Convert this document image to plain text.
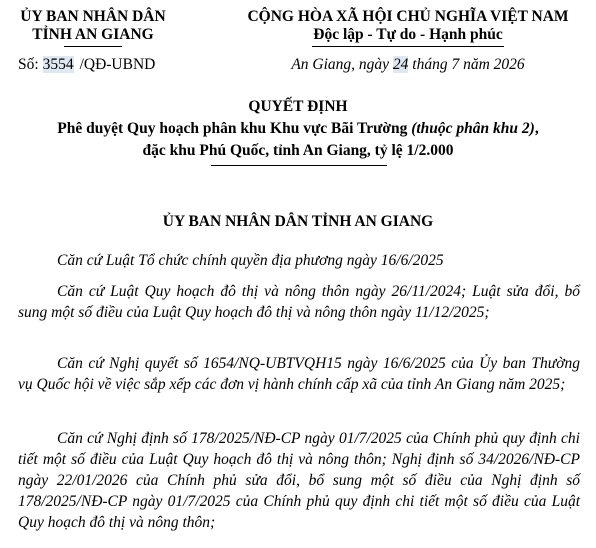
ỦY BAN NHÂN DÂN
TỈNH AN GIANG
Số: 3554 /QĐ-UBND
CỘNG HÒA XÃ HỘI CHỦ NGHĨA VIỆT NAM
Độc lập - Tự do - Hạnh phúc
An Giang, ngày 24 tháng 7 năm 2026
QUYẾT ĐỊNH
Phê duyệt Quy hoạch phân khu Khu vực Bãi Trường (thuộc phân khu 2),
đặc khu Phú Quốc, tỉnh An Giang, tỷ lệ 1/2.000
ỦY BAN NHÂN DÂN TỈNH AN GIANG
Căn cứ Luật Tổ chức chính quyền địa phương ngày 16/6/2025
Căn cứ Luật Quy hoạch đô thị và nông thôn ngày 26/11/2024; Luật sửa đổi, bổ sung một số điều của Luật Quy hoạch đô thị và nông thôn ngày 11/12/2025;
Căn cứ Nghị quyết số 1654/NQ-UBTVQH15 ngày 16/6/2025 của Ủy ban Thường vụ Quốc hội về việc sắp xếp các đơn vị hành chính cấp xã của tỉnh An Giang năm 2025;
Căn cứ Nghị định số 178/2025/NĐ-CP ngày 01/7/2025 của Chính phủ quy định chi tiết một số điều của Luật Quy hoạch đô thị và nông thôn; Nghị định số 34/2026/NĐ-CP ngày 22/01/2026 của Chính phủ sửa đổi, bổ sung một số điều của Nghị định số 178/2025/NĐ-CP ngày 01/7/2025 của Chính phủ quy định chi tiết một số điều của Luật Quy hoạch đô thị và nông thôn;
